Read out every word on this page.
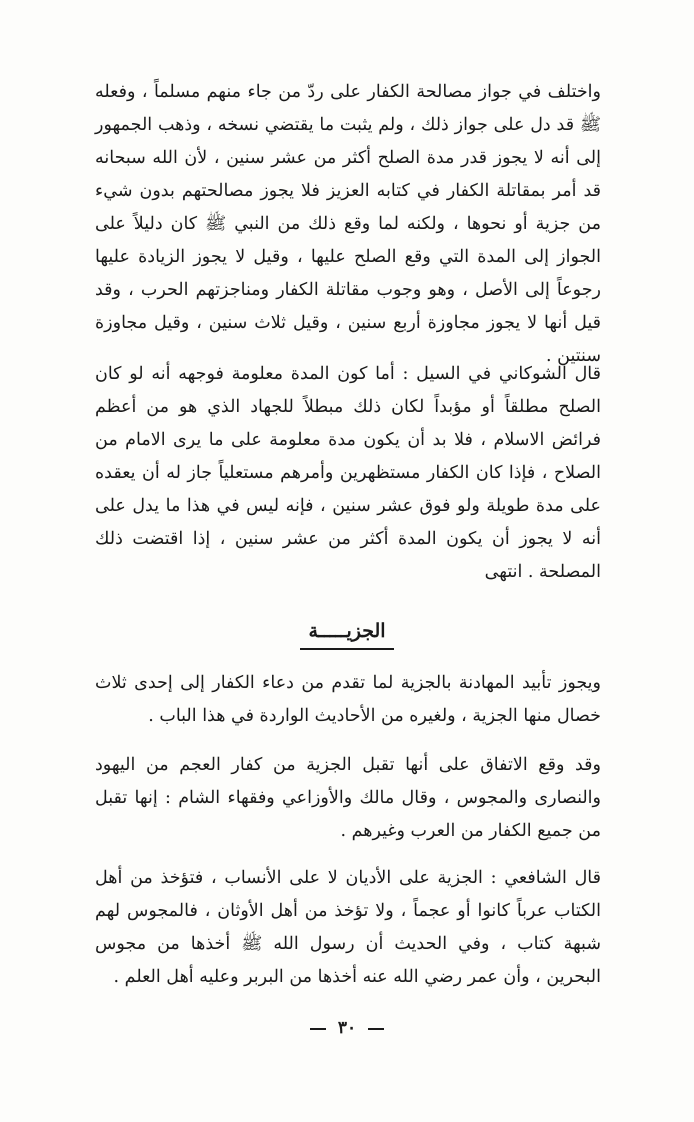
واختلف في جواز مصالحة الكفار على ردّ من جاء منهم مسلماً ، وفعله ﷺ قد دل على جواز ذلك ، ولم يثبت ما يقتضي نسخه ، وذهب الجمهور إلى أنه لا يجوز قدر مدة الصلح أكثر من عشر سنين ، لأن الله سبحانه قد أمر بمقاتلة الكفار في كتابه العزيز فلا يجوز مصالحتهم بدون شيء من جزية أو نحوها ، ولكنه لما وقع ذلك من النبي ﷺ كان دليلاً على الجواز إلى المدة التي وقع الصلح عليها ، وقيل لا يجوز الزيادة عليها رجوعاً إلى الأصل ، وهو وجوب مقاتلة الكفار ومناجزتهم الحرب ، وقد قيل أنها لا يجوز مجاوزة أربع سنين ، وقيل ثلاث سنين ، وقيل مجاوزة سنتين .

قال الشوكاني في السيل : أما كون المدة معلومة فوجهه أنه لو كان الصلح مطلقاً أو مؤبداً لكان ذلك مبطلاً للجهاد الذي هو من أعظم فرائض الاسلام ، فلا بد أن يكون مدة معلومة على ما يرى الامام من الصلاح ، فإذا كان الكفار مستظهرين وأمرهم مستعلياً جاز له أن يعقده على مدة طويلة ولو فوق عشر سنين ، فإنه ليس في هذا ما يدل على أنه لا يجوز أن يكون المدة أكثر من عشر سنين ، إذا اقتضت ذلك المصلحة . انتهى

الجزيـــــة

ويجوز تأبيد المهادنة بالجزية لما تقدم من دعاء الكفار إلى إحدى ثلاث خصال منها الجزية ، ولغيره من الأحاديث الواردة في هذا الباب .

وقد وقع الاتفاق على أنها تقبل الجزية من كفار العجم من اليهود والنصارى والمجوس ، وقال مالك والأوزاعي وفقهاء الشام : إنها تقبل من جميع الكفار من العرب وغيرهم .

قال الشافعي : الجزية على الأديان لا على الأنساب ، فتؤخذ من أهل الكتاب عرباً كانوا أو عجماً ، ولا تؤخذ من أهل الأوثان ، فالمجوس لهم شبهة كتاب ، وفي الحديث أن رسول الله ﷺ أخذها من مجوس البحرين ، وأن عمر رضي الله عنه أخذها من البربر وعليه أهل العلم .

٣٠
